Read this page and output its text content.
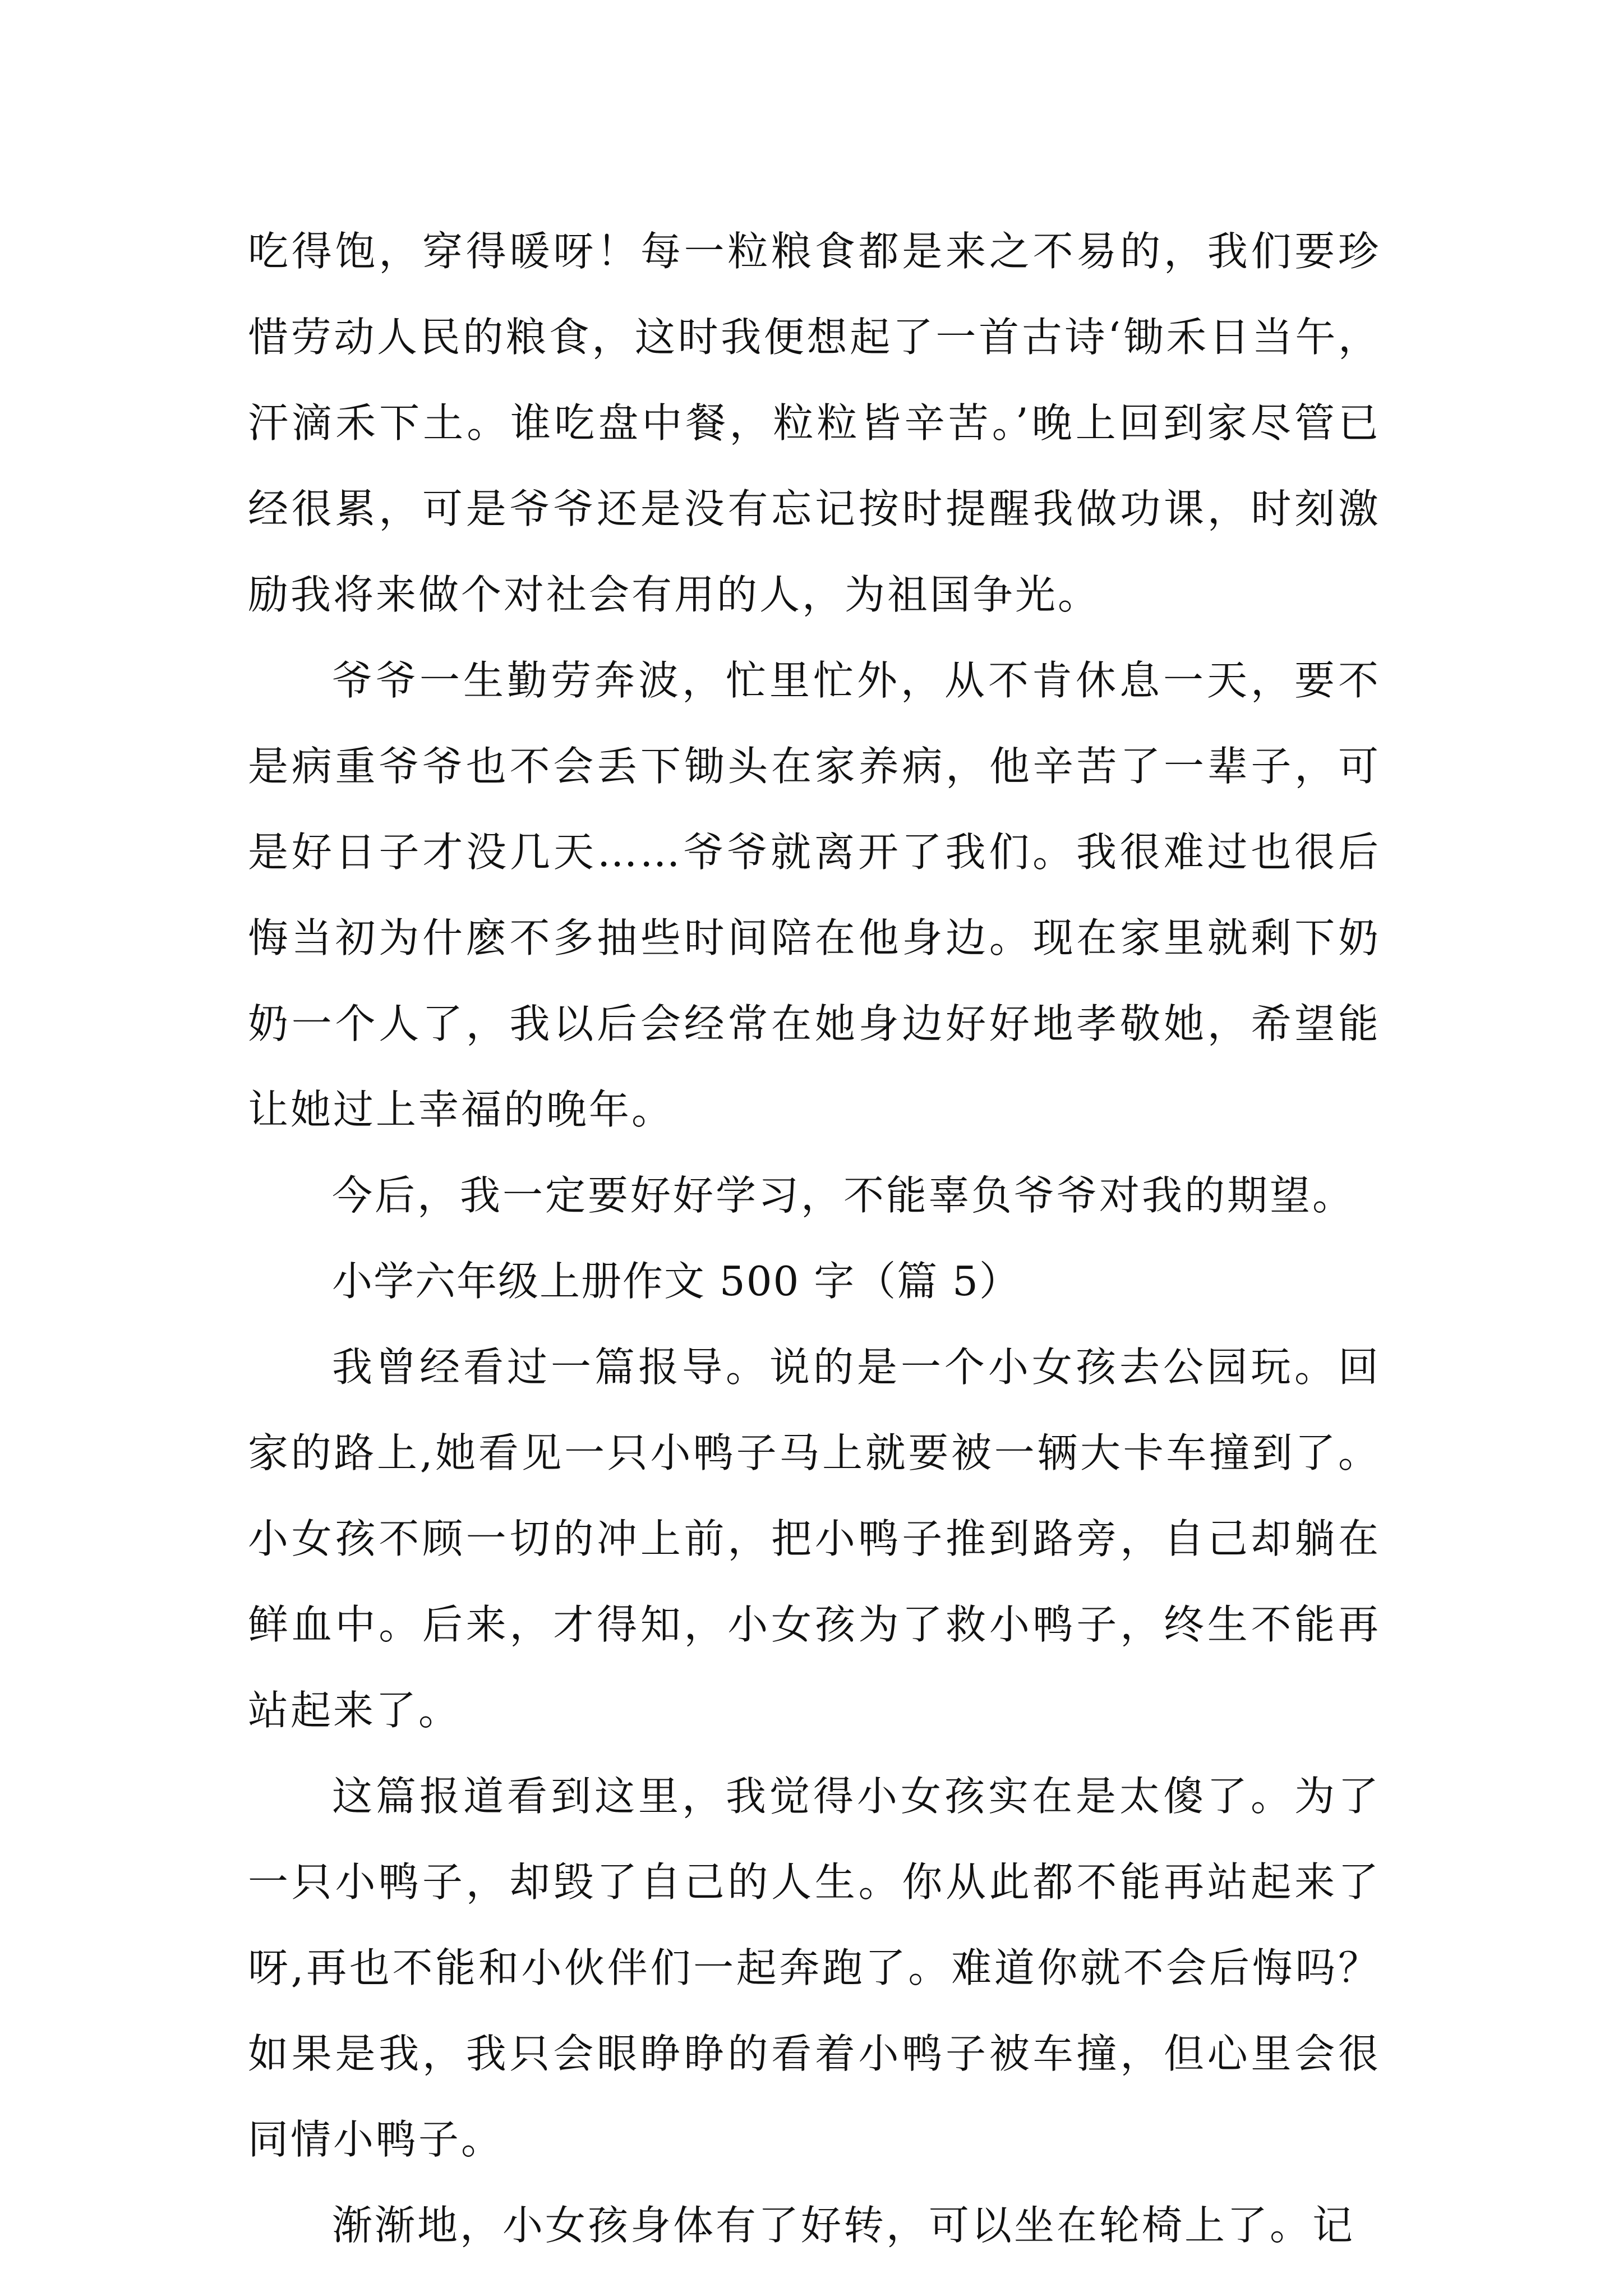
吃得饱，穿得暖呀！每一粒粮食都是来之不易的，我们要珍惜劳动人民的粮食，这时我便想起了一首古诗‘锄禾日当午，汗滴禾下土。谁吃盘中餐，粒粒皆辛苦。’晚上回到家尽管已经很累，可是爷爷还是没有忘记按时提醒我做功课，时刻激励我将来做个对社会有用的人，为祖国争光。

爷爷一生勤劳奔波，忙里忙外，从不肯休息一天，要不是病重爷爷也不会丢下锄头在家养病，他辛苦了一辈子，可是好日子才没几天……爷爷就离开了我们。我很难过也很后悔当初为什麽不多抽些时间陪在他身边。现在家里就剩下奶奶一个人了，我以后会经常在她身边好好地孝敬她，希望能让她过上幸福的晚年。

今后，我一定要好好学习，不能辜负爷爷对我的期望。

小学六年级上册作文 500 字（篇 5）

我曾经看过一篇报导。说的是一个小女孩去公园玩。回家的路上,她看见一只小鸭子马上就要被一辆大卡车撞到了。小女孩不顾一切的冲上前，把小鸭子推到路旁，自己却躺在鲜血中。后来，才得知，小女孩为了救小鸭子，终生不能再站起来了。

这篇报道看到这里，我觉得小女孩实在是太傻了。为了一只小鸭子，却毁了自己的人生。你从此都不能再站起来了呀,再也不能和小伙伴们一起奔跑了。难道你就不会后悔吗？如果是我，我只会眼睁睁的看着小鸭子被车撞，但心里会很同情小鸭子。

渐渐地，小女孩身体有了好转，可以坐在轮椅上了。记
